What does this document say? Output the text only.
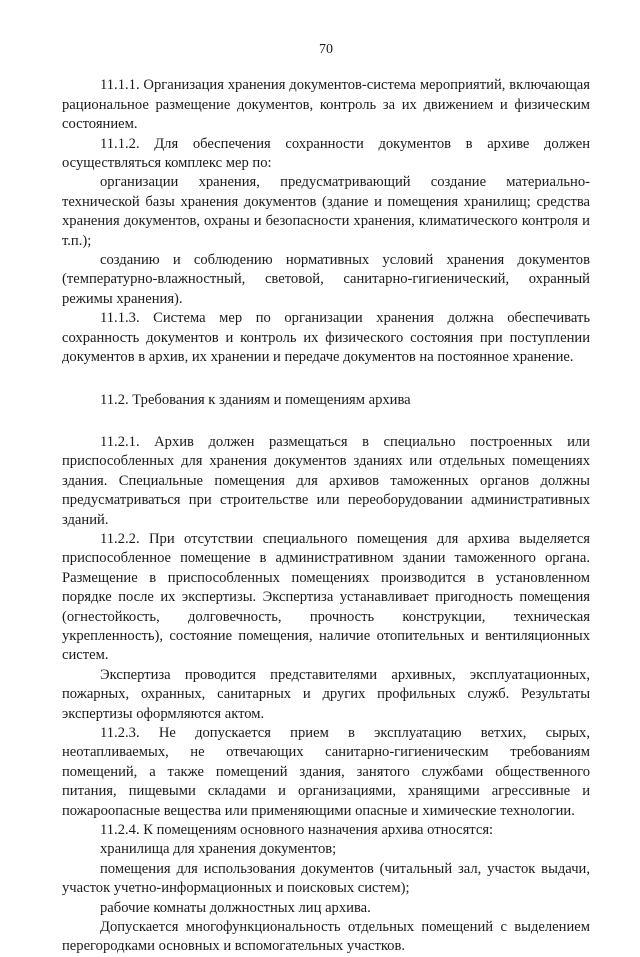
70

11.1.1. Организация хранения документов-система мероприятий, включающая рациональное размещение документов, контроль за их движением и физическим состоянием.

11.1.2. Для обеспечения сохранности документов в архиве должен осуществляться комплекс мер по:

организации хранения, предусматривающий создание материально-технической базы хранения документов (здание и помещения хранилищ; средства хранения документов, охраны и безопасности хранения, климатического контроля и т.п.);

созданию и соблюдению нормативных условий хранения документов (температурно-влажностный, световой, санитарно-гигиенический, охранный режимы хранения).

11.1.3. Система мер по организации хранения должна обеспечивать сохранность документов и контроль их физического состояния при поступлении документов в архив, их хранении и передаче документов на постоянное хранение.

11.2. Требования к зданиям и помещениям архива

11.2.1. Архив должен размещаться в специально построенных или приспособленных для хранения документов зданиях или отдельных помещениях здания. Специальные помещения для архивов таможенных органов должны предусматриваться при строительстве или переоборудовании административных зданий.

11.2.2. При отсутствии специального помещения для архива выделяется приспособленное помещение в административном здании таможенного органа. Размещение в приспособленных помещениях производится в установленном порядке после их экспертизы. Экспертиза устанавливает пригодность помещения (огнестойкость, долговечность, прочность конструкции, техническая укрепленность), состояние помещения, наличие отопительных и вентиляционных систем.

Экспертиза проводится представителями архивных, эксплуатационных, пожарных, охранных, санитарных и других профильных служб. Результаты экспертизы оформляются актом.

11.2.3. Не допускается прием в эксплуатацию ветхих, сырых, неотапливаемых, не отвечающих санитарно-гигиеническим требованиям помещений, а также помещений здания, занятого службами общественного питания, пищевыми складами и организациями, хранящими агрессивные и пожароопасные вещества или применяющими опасные и химические технологии.

11.2.4. К помещениям основного назначения архива относятся:

хранилища для хранения документов;

помещения для использования документов (читальный зал, участок выдачи, участок учетно-информационных и поисковых систем);

рабочие комнаты должностных лиц архива.

Допускается многофункциональность отдельных помещений с выделением перегородками основных и вспомогательных участков.
